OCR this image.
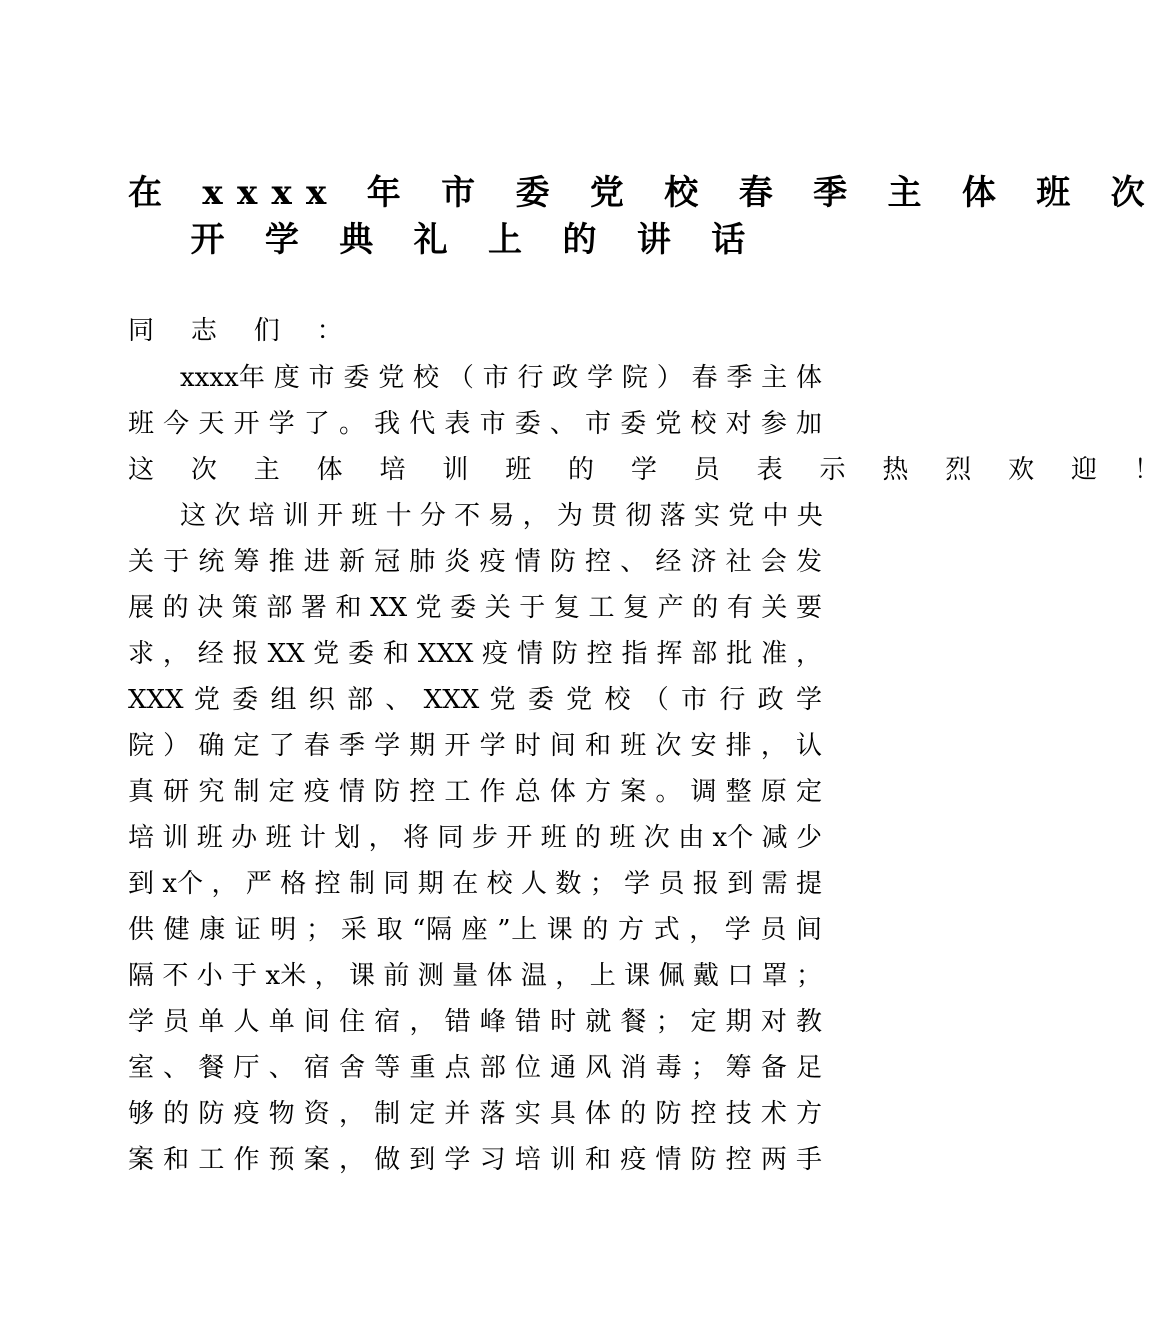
在 xxxx 年 市 委 党 校 春 季 主 体 班 次
开 学 典 礼 上 的 讲 话
同 志 们 ：
xxxx年 度 市 委 党 校 （ 市 行 政 学 院 ） 春 季 主 体
班 今 天 开 学 了 。 我 代 表 市 委 、 市 委 党 校 对 参 加
这 次 主 体 培 训 班 的 学 员 表 示 热 烈 欢 迎 ！
这 次 培 训 开 班 十 分 不 易 ， 为 贯 彻 落 实 党 中 央
关 于 统 筹 推 进 新 冠 肺 炎 疫 情 防 控 、 经 济 社 会 发
展 的 决 策 部 署 和 XX 党 委 关 于 复 工 复 产 的 有 关 要
求 ， 经 报 XX 党 委 和 XXX 疫 情 防 控 指 挥 部 批 准 ，
XXX 党 委 组 织 部 、 XXX 党 委 党 校 （ 市 行 政 学
院 ） 确 定 了 春 季 学 期 开 学 时 间 和 班 次 安 排 ， 认
真 研 究 制 定 疫 情 防 控 工 作 总 体 方 案 。 调 整 原 定
培 训 班 办 班 计 划 ， 将 同 步 开 班 的 班 次 由 x个 减 少
到 x个 ， 严 格 控 制 同 期 在 校 人 数 ； 学 员 报 到 需 提
供 健 康 证 明 ； 采 取 “隔 座 ”上 课 的 方 式 ， 学 员 间
隔 不 小 于 x米 ， 课 前 测 量 体 温 ， 上 课 佩 戴 口 罩 ；
学 员 单 人 单 间 住 宿 ， 错 峰 错 时 就 餐 ； 定 期 对 教
室 、 餐 厅 、 宿 舍 等 重 点 部 位 通 风 消 毒 ； 筹 备 足
够 的 防 疫 物 资 ， 制 定 并 落 实 具 体 的 防 控 技 术 方
案 和 工 作 预 案 ， 做 到 学 习 培 训 和 疫 情 防 控 两 手
